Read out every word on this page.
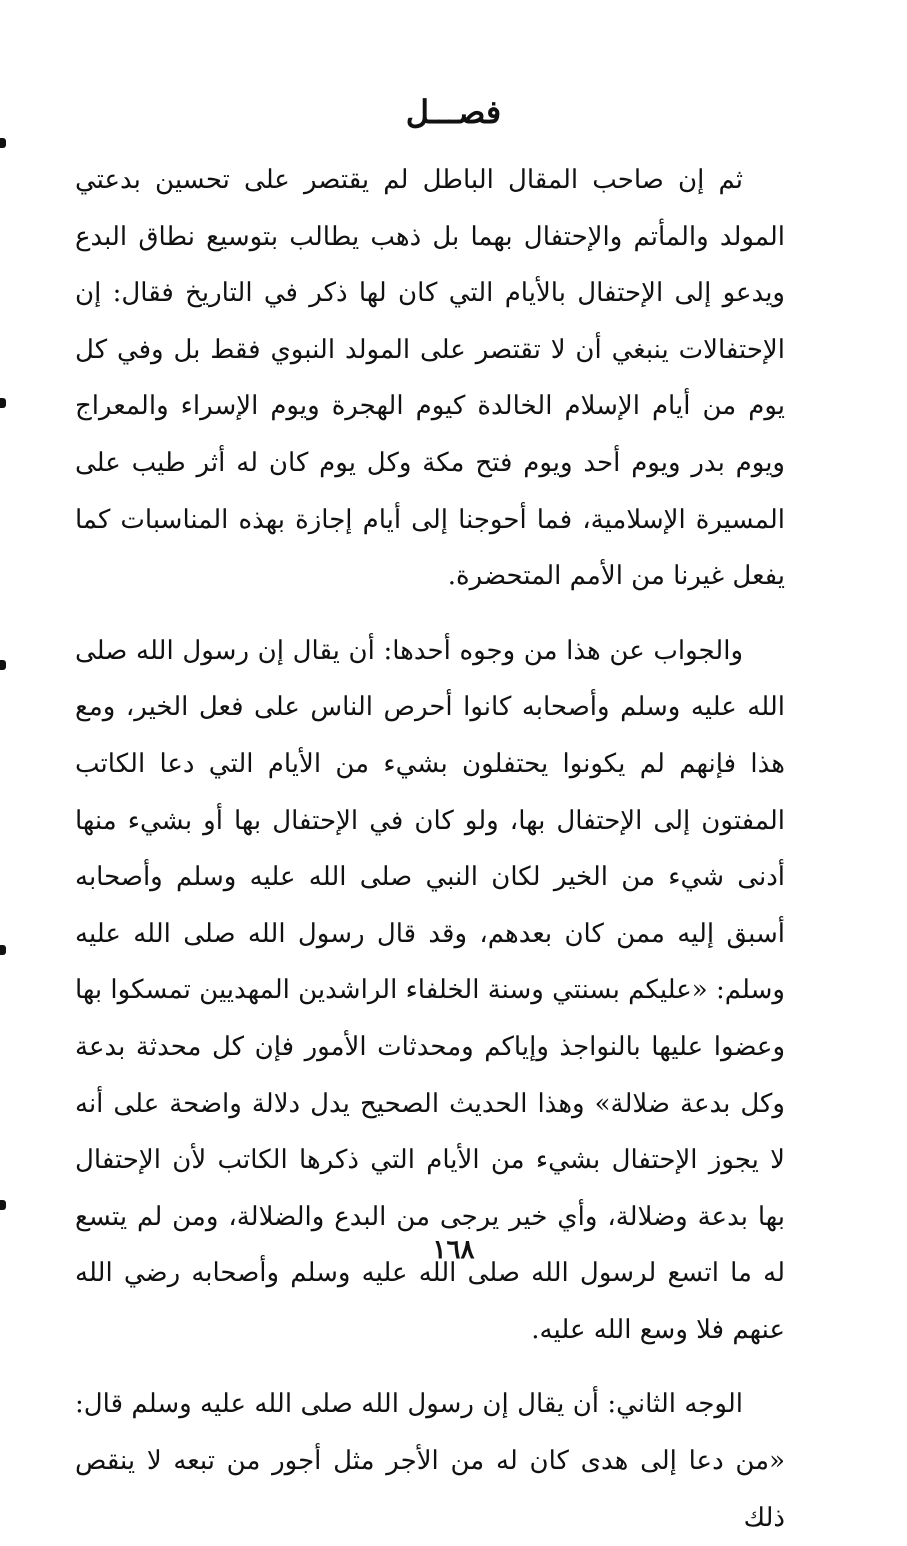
فصـــل

ثم إن صاحب المقال الباطل لم يقتصر على تحسين بدعتي المولد والمأتم والإحتفال بهما بل ذهب يطالب بتوسيع نطاق البدع ويدعو إلى الإحتفال بالأيام التي كان لها ذكر في التاريخ فقال: إن الإحتفالات ينبغي أن لا تقتصر على المولد النبوي فقط بل وفي كل يوم من أيام الإسلام الخالدة كيوم الهجرة ويوم الإسراء والمعراج ويوم بدر ويوم أحد ويوم فتح مكة وكل يوم كان له أثر طيب على المسيرة الإسلامية، فما أحوجنا إلى أيام إجازة بهذه المناسبات كما يفعل غيرنا من الأمم المتحضرة.

والجواب عن هذا من وجوه أحدها: أن يقال إن رسول الله صلى الله عليه وسلم وأصحابه كانوا أحرص الناس على فعل الخير، ومع هذا فإنهم لم يكونوا يحتفلون بشيء من الأيام التي دعا الكاتب المفتون إلى الإحتفال بها، ولو كان في الإحتفال بها أو بشيء منها أدنى شيء من الخير لكان النبي صلى الله عليه وسلم وأصحابه أسبق إليه ممن كان بعدهم، وقد قال رسول الله صلى الله عليه وسلم: «عليكم بسنتي وسنة الخلفاء الراشدين المهديين تمسكوا بها وعضوا عليها بالنواجذ وإياكم ومحدثات الأمور فإن كل محدثة بدعة وكل بدعة ضلالة» وهذا الحديث الصحيح يدل دلالة واضحة على أنه لا يجوز الإحتفال بشيء من الأيام التي ذكرها الكاتب لأن الإحتفال بها بدعة وضلالة، وأي خير يرجى من البدع والضلالة، ومن لم يتسع له ما اتسع لرسول الله صلى الله عليه وسلم وأصحابه رضي الله عنهم فلا وسع الله عليه.

الوجه الثاني: أن يقال إن رسول الله صلى الله عليه وسلم قال: «من دعا إلى هدى كان له من الأجر مثل أجور من تبعه لا ينقص ذلك

١٦٨
